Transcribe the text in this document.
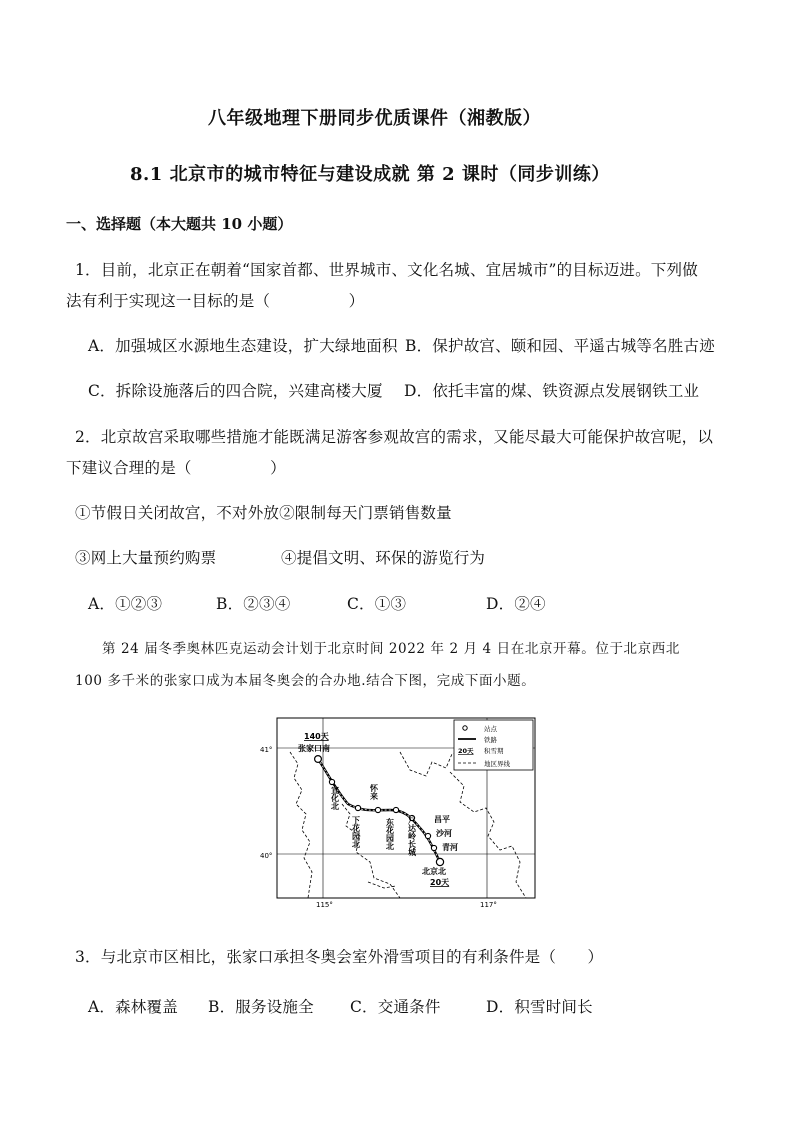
八年级地理下册同步优质课件（湘教版）
8.1 北京市的城市特征与建设成就 第 2 课时（同步训练）
一、选择题（本大题共 10 小题）
1．目前，北京正在朝着“国家首都、世界城市、文化名城、宜居城市”的目标迈进。下列做
法有利于实现这一目标的是（　　　　　）
A．加强城区水源地生态建设，扩大绿地面积 B．保护故宫、颐和园、平遥古城等名胜古迹
C．拆除设施落后的四合院，兴建高楼大厦 D．依托丰富的煤、铁资源点发展钢铁工业
2．北京故宫采取哪些措施才能既满足游客参观故宫的需求，又能尽最大可能保护故宫呢，以
下建议合理的是（　　　　　）
①节假日关闭故宫，不对外放②限制每天门票销售数量
③网上大量预约购票	④提倡文明、环保的游览行为
A．①②③	B．②③④	C．①③	D．②④
第 24 届冬季奥林匹克运动会计划于北京时间 2022 年 2 月 4 日在北京开幕。位于北京西北
100 多千米的张家口成为本届冬奥会的合办地.结合下图，完成下面小题。
41°
40°
115°	117°
140天
张家口南
宣化北	怀来
下花园北	东花园北 八达岭长城 昌平
沙河
青河
北京北
20天
站点
铁路
20天 积雪期
地区界线
3．与北京市区相比，张家口承担冬奥会室外滑雪项目的有利条件是（　　）
A．森林覆盖 B．服务设施全 C．交通条件	D．积雪时间长
